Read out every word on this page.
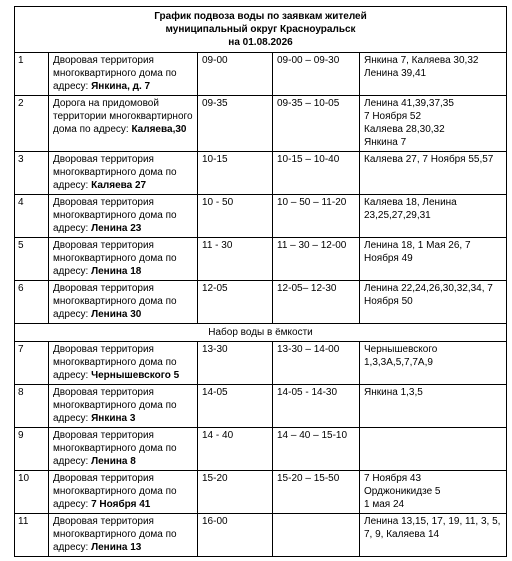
График подвоза воды по заявкам жителей
муниципальный округ Красноуральск
на 01.08.2026				

1	Дворовая территория многоквартирного дома по адресу: Янкина, д. 7	09-00	09-00 – 09-30	Янкина 7, Каляева 30,32
Ленина 39,41

2	Дорога на придомовой территории многоквартирного дома по адресу: Каляева,30	09-35	09-35 – 10-05	Ленина 41,39,37,35
7 Ноября 52
Каляева 28,30,32
Янкина 7

3	Дворовая территория многоквартирного дома по адресу: Каляева 27	10-15	10-15 – 10-40	Каляева 27, 7 Ноября 55,57

4	Дворовая территория многоквартирного дома по адресу: Ленина 23	10 - 50	10 – 50 – 11-20	Каляева 18, Ленина
23,25,27,29,31

5	Дворовая территория многоквартирного дома по адресу: Ленина 18	11 - 30	11 – 30 – 12-00	Ленина 18, 1 Мая 26, 7
Ноября 49

6	Дворовая территория многоквартирного дома по адресу: Ленина 30	12-05	12-05– 12-30	Ленина 22,24,26,30,32,34, 7
Ноября 50

Набор воды в ёмкости				
7	Дворовая территория многоквартирного дома по адресу: Чернышевского 5	13-30	13-30 – 14-00	Чернышевского
1,3,3А,5,7,7А,9

8	Дворовая территория многоквартирного дома по адресу: Янкина 3	14-05	14-05 - 14-30	Янкина 1,3,5

9	Дворовая территория многоквартирного дома по адресу: Ленина 8	14 - 40	14 – 40 – 15-10	

10	Дворовая территория многоквартирного дома по адресу: 7 Ноября 41	15-20	15-20 – 15-50	7 Ноября 43
Орджоникидзе 5
1 мая 24

11	Дворовая территория многоквартирного дома по адресу: Ленина 13	16-00		Ленина 13,15, 17, 19, 11, 3, 5,
7, 9, Каляева 14
